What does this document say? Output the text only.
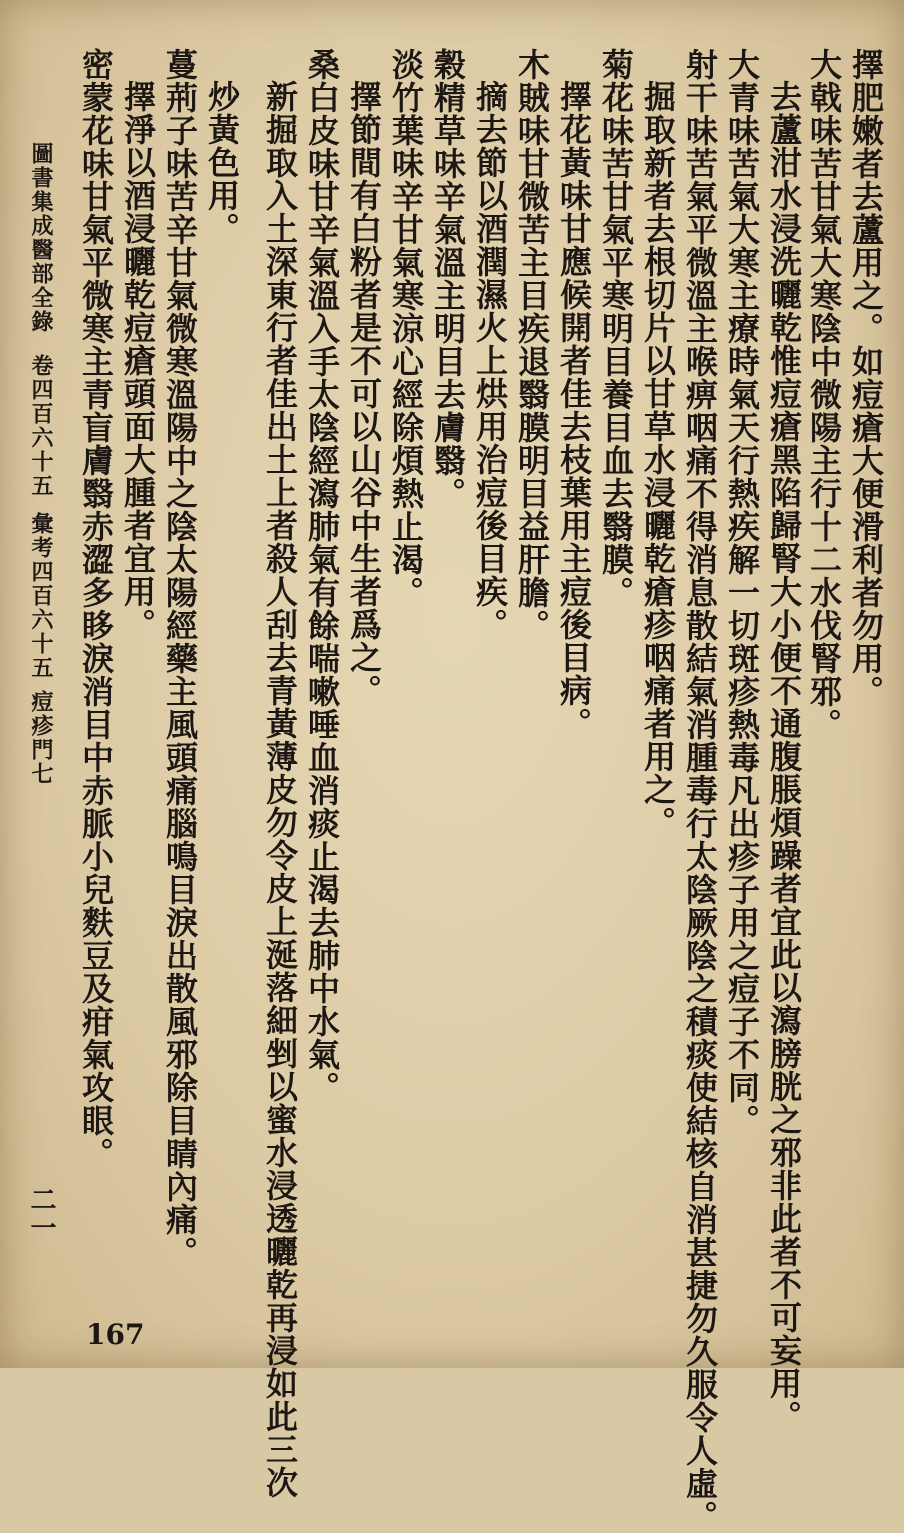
擇肥嫩者去蘆用之。如痘瘡大便滑利者勿用。
大戟味苦甘氣大寒陰中微陽主行十二水伐腎邪。
去蘆泔水浸洗曬乾惟痘瘡黑陷歸腎大小便不通腹脹煩躁者宜此以瀉膀胱之邪非此者不可妄用。
大青味苦氣大寒主療時氣天行熱疾解一切斑疹熱毒凡出疹子用之痘子不同。
射干味苦氣平微溫主喉痹咽痛不得消息散結氣消腫毒行太陰厥陰之積痰使結核自消甚捷勿久服令人虛。
掘取新者去根切片以甘草水浸曬乾瘡疹咽痛者用之。
菊花味苦甘氣平寒明目養目血去翳膜。
擇花黃味甘應候開者佳去枝葉用主痘後目病。
木賊味甘微苦主目疾退翳膜明目益肝膽。
摘去節以酒潤濕火上烘用治痘後目疾。
穀精草味辛氣溫主明目去膚翳。
淡竹葉味辛甘氣寒涼心經除煩熱止渴。
擇節間有白粉者是不可以山谷中生者爲之。
桑白皮味甘辛氣溫入手太陰經瀉肺氣有餘喘嗽唾血消痰止渴去肺中水氣。
新掘取入土深東行者佳出土上者殺人刮去青黃薄皮勿令皮上涎落細剉以蜜水浸透曬乾再浸如此三次
炒黃色用。
擇淨以酒浸曬乾痘瘡頭面大腫者宜用。 蔓荊子味苦辛甘氣微寒溫陽中之陰太陽經藥主風頭痛腦鳴目淚出散風邪除目睛內痛。
密蒙花味甘氣平微寒主青盲膚翳赤澀多眵淚消目中赤脈小兒麩豆及疳氣攻眼。
圖書集成醫部全錄
卷四百六十五
彙考四百六十五
痘疹門七
二一
167
